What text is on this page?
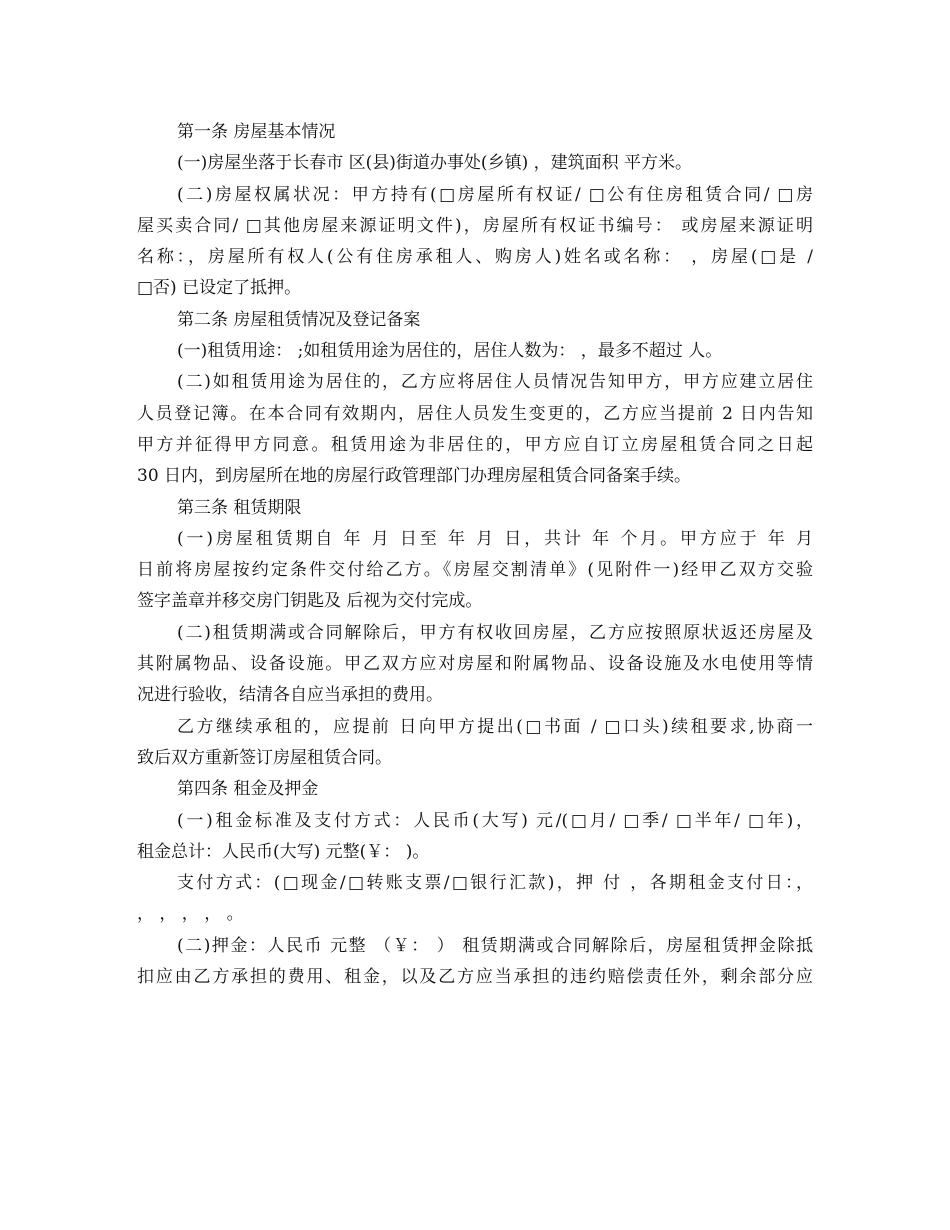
第一条 房屋基本情况
(一)房屋坐落于长春市 区(县)街道办事处(乡镇) ，建筑面积 平方米。
(二)房屋权属状况：甲方持有(□房屋所有权证/ □公有住房租赁合同/ □房
屋买卖合同/ □其他房屋来源证明文件)，房屋所有权证书编号： 或房屋来源证明
名称：，房屋所有权人(公有住房承租人、购房人)姓名或名称： ，房屋(□是 /
□否) 已设定了抵押。
第二条 房屋租赁情况及登记备案
(一)租赁用途： ;如租赁用途为居住的，居住人数为： ，最多不超过 人。
(二)如租赁用途为居住的，乙方应将居住人员情况告知甲方，甲方应建立居住
人员登记簿。在本合同有效期内，居住人员发生变更的，乙方应当提前 2 日内告知
甲方并征得甲方同意。租赁用途为非居住的，甲方应自订立房屋租赁合同之日起
30 日内，到房屋所在地的房屋行政管理部门办理房屋租赁合同备案手续。
第三条 租赁期限
(一)房屋租赁期自 年 月 日至 年 月 日，共计 年 个月。甲方应于 年 月
日前将房屋按约定条件交付给乙方。《房屋交割清单》(见附件一)经甲乙双方交验
签字盖章并移交房门钥匙及 后视为交付完成。
(二)租赁期满或合同解除后，甲方有权收回房屋，乙方应按照原状返还房屋及
其附属物品、设备设施。甲乙双方应对房屋和附属物品、设备设施及水电使用等情
况进行验收，结清各自应当承担的费用。
乙方继续承租的，应提前 日向甲方提出(□书面 / □口头)续租要求,协商一
致后双方重新签订房屋租赁合同。
第四条 租金及押金
(一)租金标准及支付方式：人民币(大写) 元/(□月/ □季/ □半年/ □年)，
租金总计：人民币(大写) 元整(￥： )。
支付方式：(□现金/□转账支票/□银行汇款)，押 付 ，各期租金支付日：，
， ， ， ， 。
(二)押金：人民币 元整 （￥： ） 租赁期满或合同解除后，房屋租赁押金除抵
扣应由乙方承担的费用、租金，以及乙方应当承担的违约赔偿责任外，剩余部分应
